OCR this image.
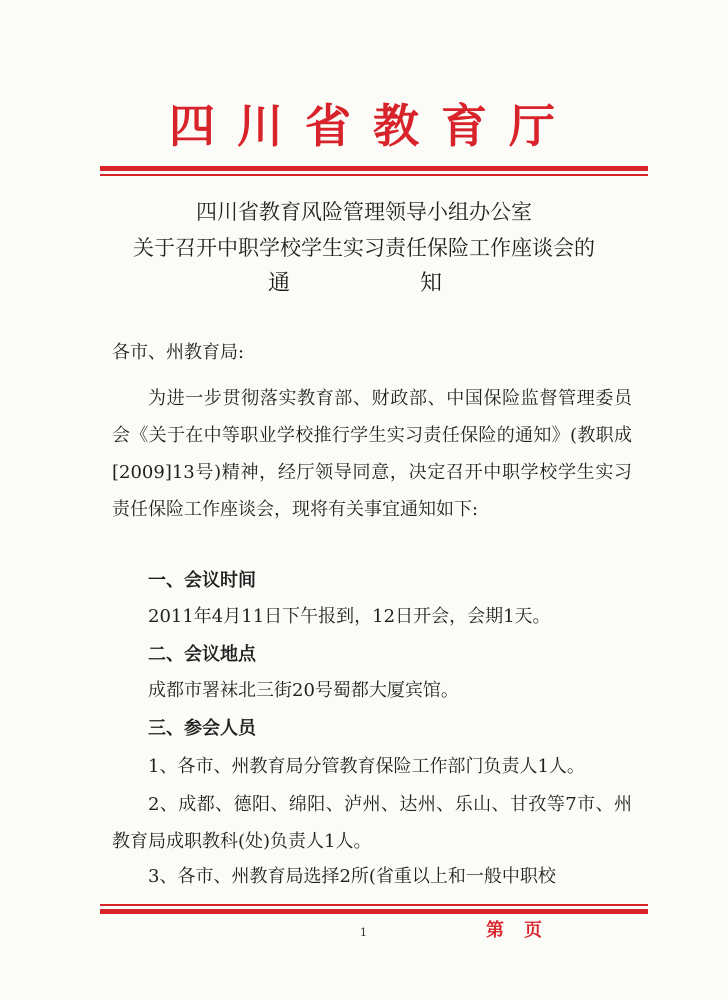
四川省教育厅
四川省教育风险管理领导小组办公室
关于召开中职学校学生实习责任保险工作座谈会的
通	知
各市、州教育局:
为进一步贯彻落实教育部、财政部、中国保险监督管理委员会《关于在中等职业学校推行学生实习责任保险的通知》(教职成[2009]13号)精神，经厅领导同意，决定召开中职学校学生实习责任保险工作座谈会，现将有关事宜通知如下:
一、会议时间
2011年4月11日下午报到，12日开会，会期1天。
二、会议地点
成都市署袜北三街20号蜀都大厦宾馆。
三、参会人员
1、各市、州教育局分管教育保险工作部门负责人1人。
2、成都、德阳、绵阳、泸州、达州、乐山、甘孜等7市、州教育局成职教科(处)负责人1人。
3、各市、州教育局选择2所(省重以上和一般中职校
1	第页
